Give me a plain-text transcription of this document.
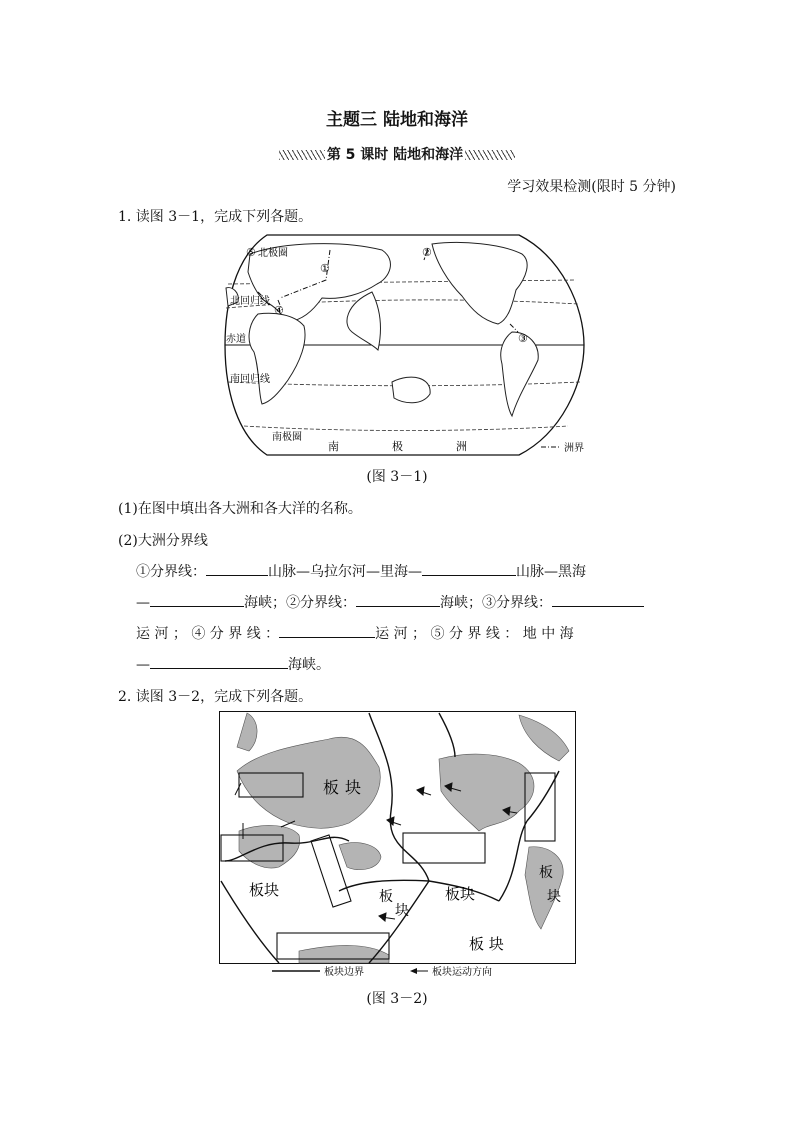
主题三 陆地和海洋
第 5 课时 陆地和海洋
学习效果检测(限时 5 分钟)
1. 读图 3－1，完成下列各题。
北极圈
北回归线
赤道
南回归线
南极圈
南	极	洲
①
②
③
④
⑤
洲界
(图 3－1)
(1)在图中填出各大洲和各大洋的名称。
(2)大洲分界线
①分界线：	山脉—乌拉尔河—里海—	山脉—黑海
—	海峡；②分界线：	海峡；③分界线：
运 河 ； ④ 分 界 线 ：	运 河 ； ⑤ 分 界 线 ： 地 中 海
—	海峡。
2. 读图 3－2，完成下列各题。
板 块
板块	板
块
板块
板
块
板 块
板块边界	板块运动方向
(图 3－2)
